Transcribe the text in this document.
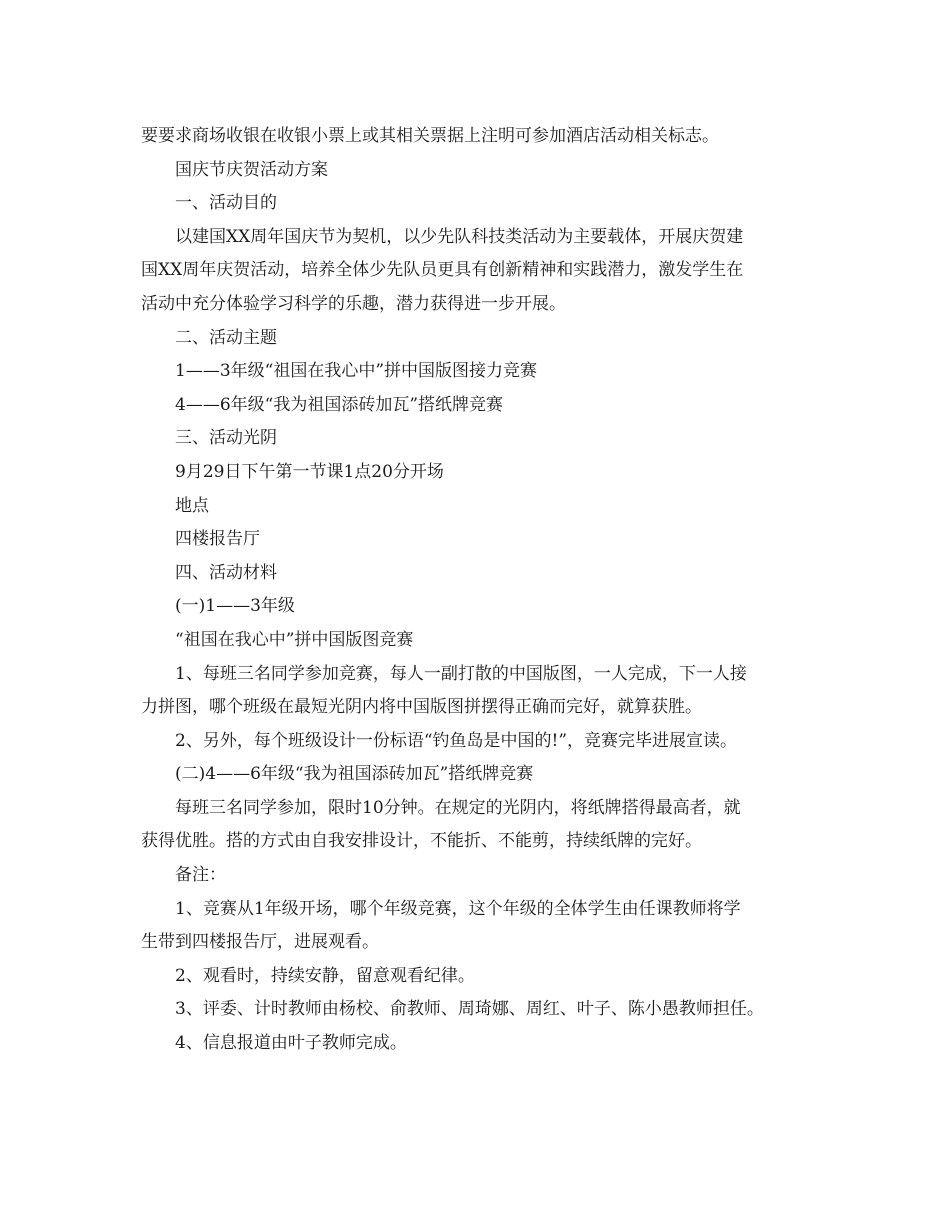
要要求商场收银在收银小票上或其相关票据上注明可参加酒店活动相关标志。

国庆节庆贺活动方案

一、活动目的

以建国XX周年国庆节为契机，以少先队科技类活动为主要载体，开展庆贺建

国XX周年庆贺活动，培养全体少先队员更具有创新精神和实践潜力，激发学生在

活动中充分体验学习科学的乐趣，潜力获得进一步开展。

二、活动主题

1——3年级“祖国在我心中”拼中国版图接力竞赛

4——6年级“我为祖国添砖加瓦”搭纸牌竞赛

三、活动光阴

9月29日下午第一节课1点20分开场

地点

四楼报告厅

四、活动材料

(一)1——3年级

“祖国在我心中”拼中国版图竞赛

1、每班三名同学参加竞赛，每人一副打散的中国版图，一人完成，下一人接

力拼图，哪个班级在最短光阴内将中国版图拼摆得正确而完好，就算获胜。

2、另外，每个班级设计一份标语“钓鱼岛是中国的!”，竞赛完毕进展宣读。

(二)4——6年级“我为祖国添砖加瓦”搭纸牌竞赛

每班三名同学参加，限时10分钟。在规定的光阴内，将纸牌搭得最高者，就

获得优胜。搭的方式由自我安排设计，不能折、不能剪，持续纸牌的完好。

备注：

1、竞赛从1年级开场，哪个年级竞赛，这个年级的全体学生由任课教师将学

生带到四楼报告厅，进展观看。

2、观看时，持续安静，留意观看纪律。

3、评委、计时教师由杨校、俞教师、周琦娜、周红、叶子、陈小愚教师担任。

4、信息报道由叶子教师完成。
